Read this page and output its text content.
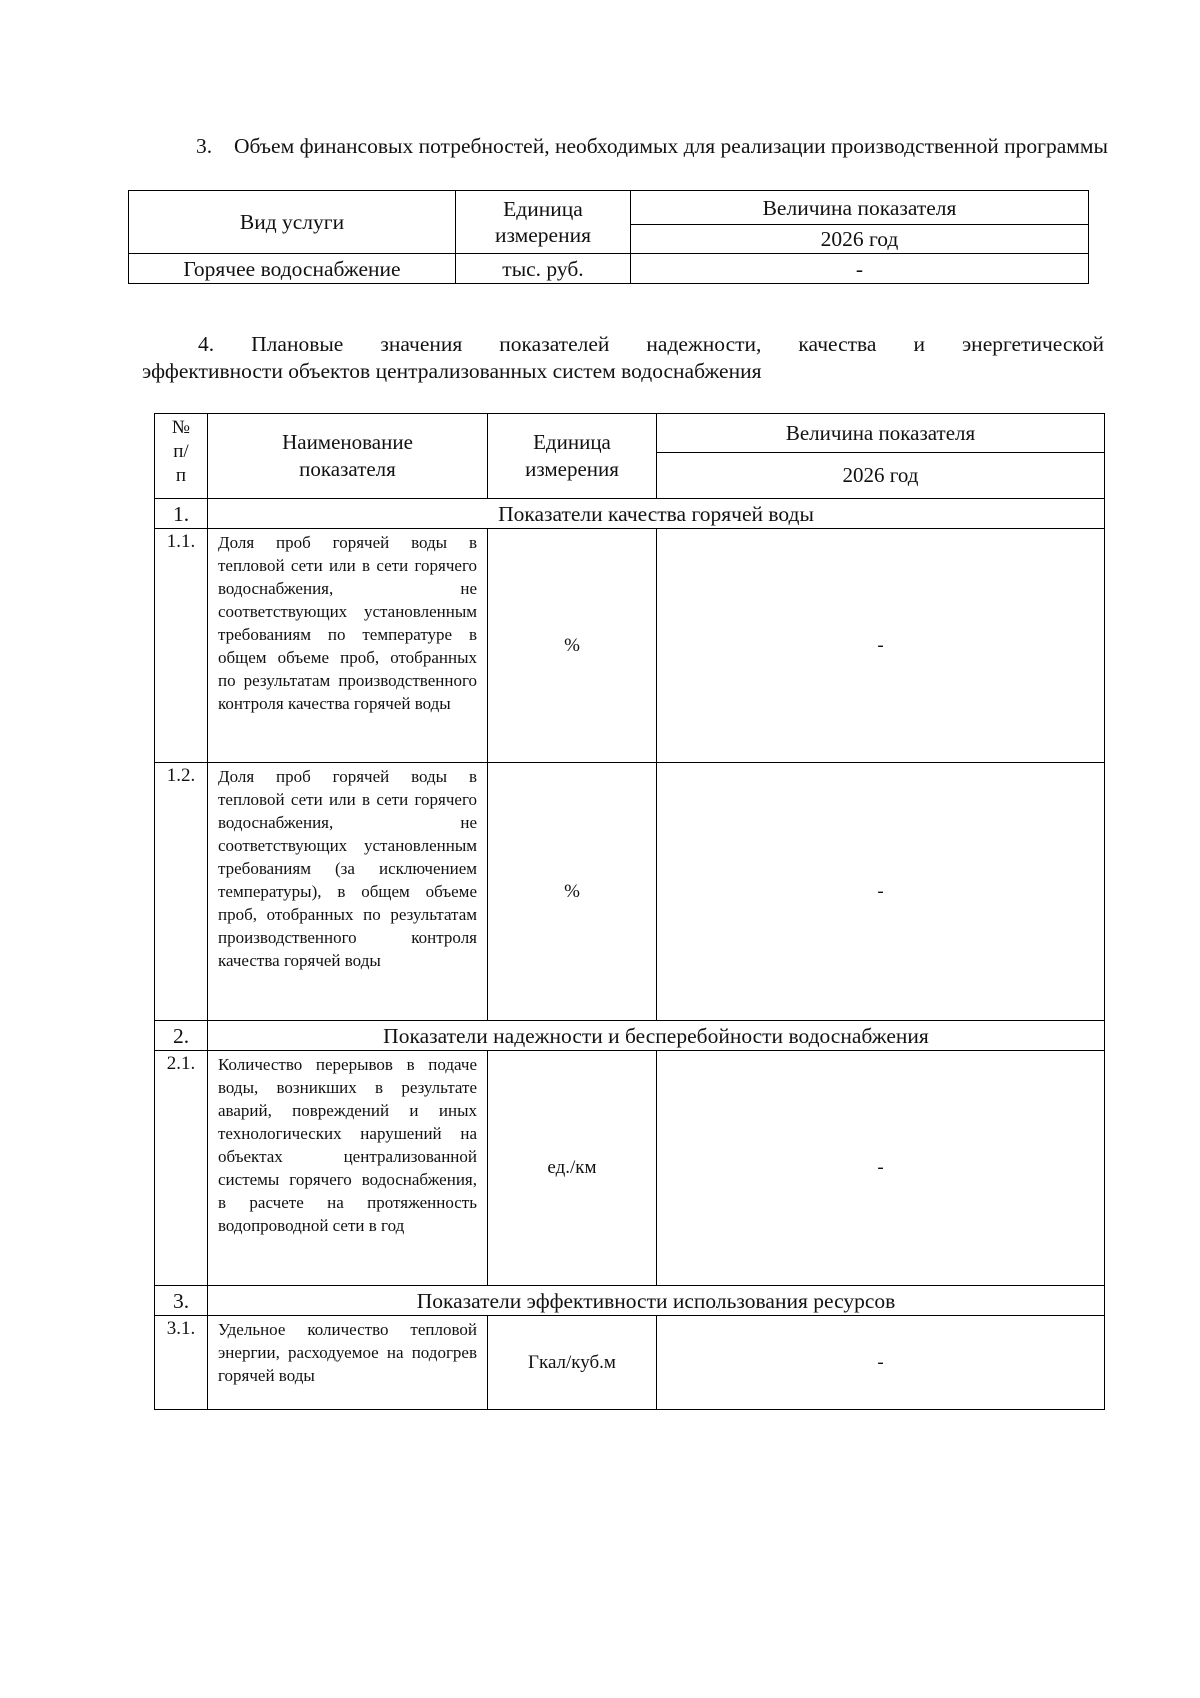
3.	Объем финансовых потребностей, необходимых для реализации производственной программы
Вид услуги	Единица измерения	Величина показателя
		2026 год
Горячее водоснабжение	тыс. руб.	-
4. Плановые значения показателей надежности, качества и энергетической
эффективности объектов централизованных систем водоснабжения
№
п/
п	Наименование показателя	Единица измерения	Величина показателя
			2026 год
1.	Показатели качества горячей воды		
1.1.	Доля проб горячей воды в тепловой сети или в сети горячего водоснабжения, не соответствующих установленным требованиям по температуре в общем объеме проб, отобранных по результатам производственного контроля качества горячей воды	%	-
1.2.	Доля проб горячей воды в тепловой сети или в сети горячего водоснабжения, не соответствующих установленным требованиям (за исключением температуры), в общем объеме проб, отобранных по результатам производственного контроля качества горячей воды	%	-
2.	Показатели надежности и бесперебойности водоснабжения		
2.1.	Количество перерывов в подаче воды, возникших в результате аварий, повреждений и иных технологических нарушений на объектах централизованной системы горячего водоснабжения, в расчете на протяженность водопроводной сети в год	ед./км	-
3.	Показатели эффективности использования ресурсов		
3.1.	Удельное количество тепловой энергии, расходуемое на подогрев горячей воды	Гкал/куб.м	-
